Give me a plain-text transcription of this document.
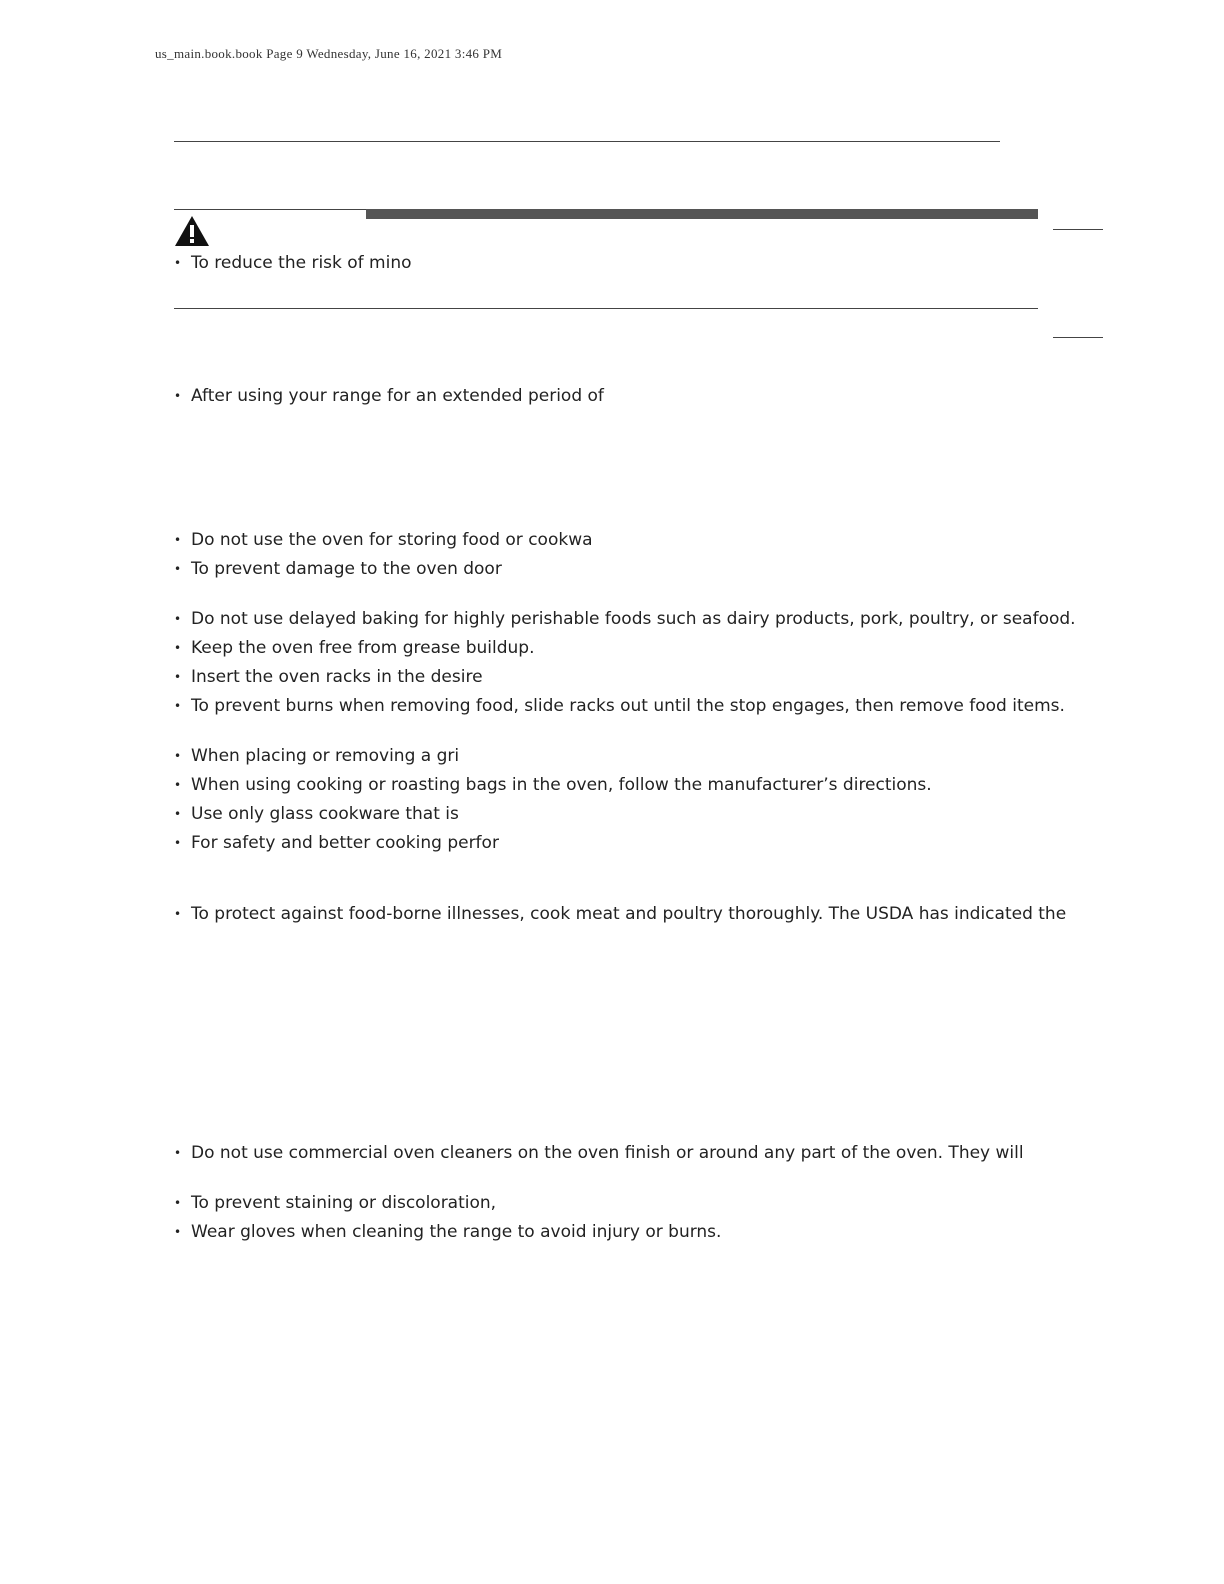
us_main.book.book Page 9 Wednesday, June 16, 2021 3:46 PM
• To reduce the risk of mino
• After using your range for an extended period of
• Do not use the oven for storing food or cookwa
• To prevent damage to the oven door
• Do not use delayed baking for highly perishable foods such as dairy products, pork, poultry, or seafood.
• Keep the oven free from grease buildup.
• Insert the oven racks in the desire
• To prevent burns when removing food, slide racks out until the stop engages, then remove food items.
• When placing or removing a gri
• When using cooking or roasting bags in the oven, follow the manufacturer’s directions.
• Use only glass cookware that is
• For safety and better cooking perfor
• To protect against food-borne illnesses, cook meat and poultry thoroughly. The USDA has indicated the
• Do not use commercial oven cleaners on the oven finish or around any part of the oven. They will
• To prevent staining or discoloration,
• Wear gloves when cleaning the range to avoid injury or burns.
